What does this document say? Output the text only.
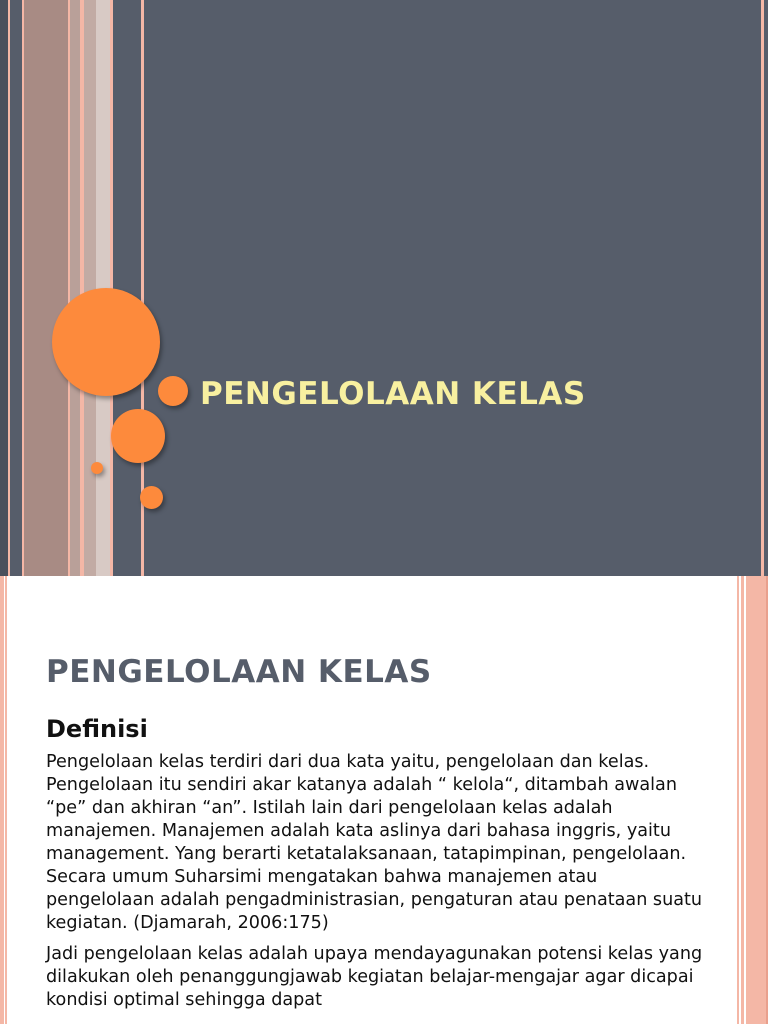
PENGELOLAAN KELAS
PENGELOLAAN KELAS
Definisi

Pengelolaan kelas terdiri dari dua kata yaitu, pengelolaan dan kelas. Pengelolaan itu sendiri akar katanya adalah “ kelola“, ditambah awalan “pe” dan akhiran “an”. Istilah lain dari pengelolaan kelas adalah manajemen. Manajemen adalah kata aslinya dari bahasa inggris, yaitu management. Yang berarti ketatalaksanaan, tatapimpinan, pengelolaan. Secara umum Suharsimi mengatakan bahwa manajemen atau pengelolaan adalah pengadministrasian, pengaturan atau penataan suatu kegiatan. (Djamarah, 2006:175)

Jadi pengelolaan kelas adalah upaya mendayagunakan potensi kelas yang dilakukan oleh penanggungjawab kegiatan belajar-mengajar agar dicapai kondisi optimal sehingga dapat
